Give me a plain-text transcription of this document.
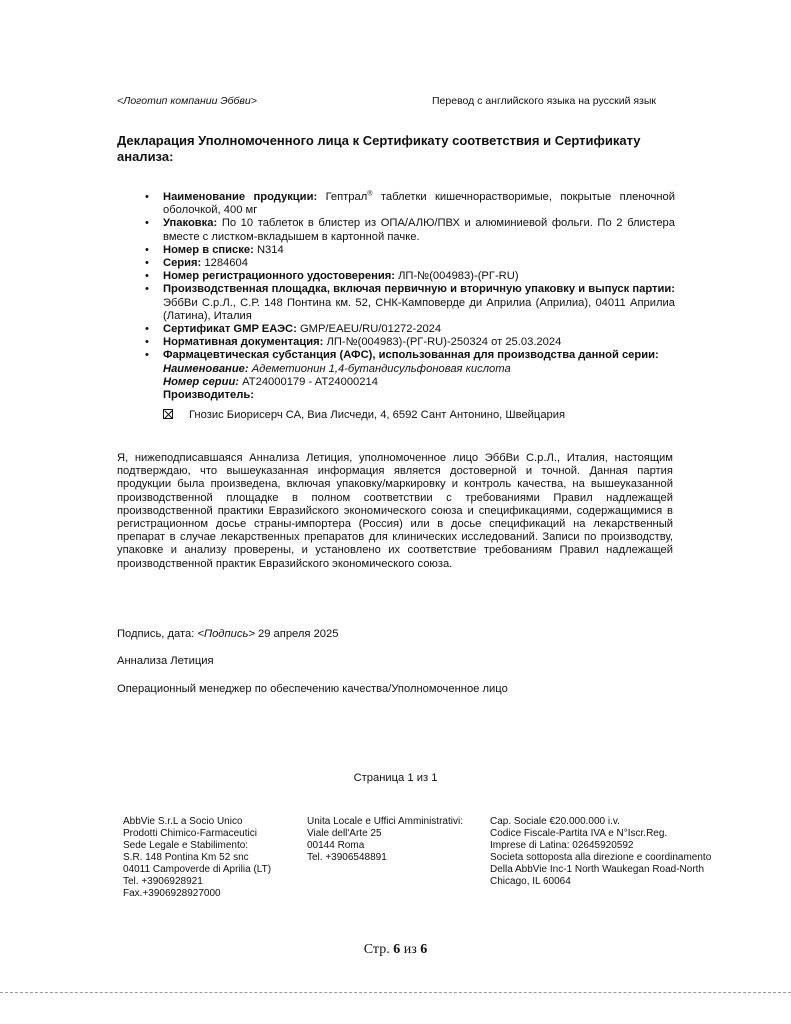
<Логотип компании Эббви>	Перевод с английского языка на русский язык
Декларация Уполномоченного лица к Сертификату соответствия и Сертификату анализа:
• Наименование продукции: Гептрал® таблетки кишечнорастворимые, покрытые пленочной оболочкой, 400 мг
• Упаковка: По 10 таблеток в блистер из ОПА/АЛЮ/ПВХ и алюминиевой фольги. По 2 блистера вместе с листком-вкладышем в картонной пачке.
• Номер в списке: N314
• Серия: 1284604
• Номер регистрационного удостоверения: ЛП-№(004983)-(РГ-RU)
• Производственная площадка, включая первичную и вторичную упаковку и выпуск партии: ЭббВи С.р.Л., С.Р. 148 Понтина км. 52, СНК-Камповерде ди Априлиа (Априлиа), 04011 Априлиа (Латина), Италия
• Сертификат GMP ЕАЭС: GMP/EAEU/RU/01272-2024
• Нормативная документация: ЛП-№(004983)-(РГ-RU)-250324 от 25.03.2024
• Фармацевтическая субстанция (АФС), использованная для производства данной серии:
Наименование: Адеметионин 1,4-бутандисульфоновая кислота
Номер серии: AT24000179 - AT24000214
Производитель:
Гнозис Биорисерч СА, Виа Лисчеди, 4, 6592 Сант Антонино, Швейцария
Я, нижеподписавшаяся Аннализа Летиция, уполномоченное лицо ЭббВи С.р.Л., Италия, настоящим подтверждаю, что вышеуказанная информация является достоверной и точной. Данная партия продукции была произведена, включая упаковку/маркировку и контроль качества, на вышеуказанной производственной площадке в полном соответствии с требованиями Правил надлежащей производственной практики Евразийского экономического союза и спецификациями, содержащимися в регистрационном досье страны-импортера (Россия) или в досье спецификаций на лекарственный препарат в случае лекарственных препаратов для клинических исследований. Записи по производству, упаковке и анализу проверены, и установлено их соответствие требованиям Правил надлежащей производственной практик Евразийского экономического союза.
Подпись, дата: <Подпись> 29 апреля 2025
Аннализа Летиция
Операционный менеджер по обеспечению качества/Уполномоченное лицо
Страница 1 из 1
AbbVie S.r.L a Socio Unico
Prodotti Chimico-Farmaceutici
Sede Legale e Stabilimento:
S.R. 148 Pontina Km 52 snc
04011 Campoverde di Aprilia (LT)
Tel. +3906928921
Fax.+3906928927000
Unita Locale e Uffici Amministrativi:
Viale dell'Arte 25
00144 Roma
Tel. +3906548891
Cap. Sociale €20.000.000 i.v.
Codice Fiscale-Partita IVA e N°Iscr.Reg.
Imprese di Latina: 02645920592
Societa sottoposta alla direzione e coordinamento
Della AbbVie Inc-1 North Waukegan Road-North
Chicago, IL 60064
Стр. 6 из 6
